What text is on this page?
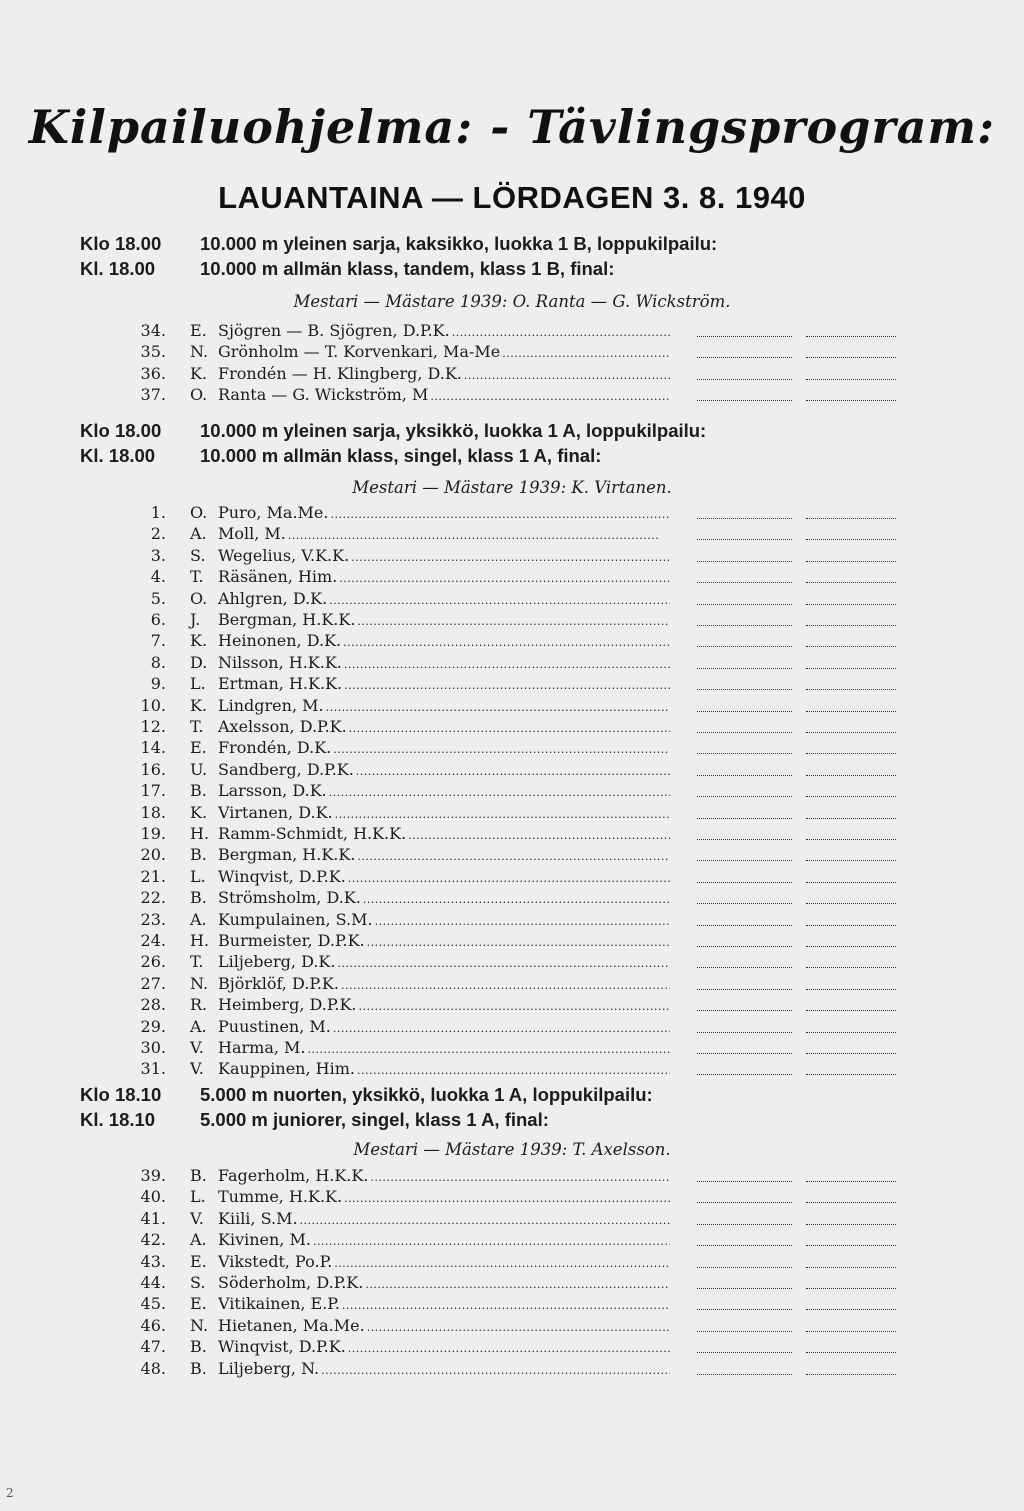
Kilpailuohjelma: - Tävlingsprogram:
LAUANTAINA — LÖRDAGEN 3. 8. 1940
Klo 18.00 10.000 m yleinen sarja, kaksikko, luokka 1 B, loppukilpailu:
Kl. 18.00 10.000 m allmän klass, tandem, klass 1 B, final:
Mestari — Mästare 1939: O. Ranta — G. Wickström.
34. E. Sjögren — B. Sjögren, D.P.K. . . .
35. N. Grönholm — T. Korvenkari, Ma-Me . . .
36. K. Frondén — H. Klingberg, D.K. . . .
37. O. Ranta — G. Wickström, M . . .
Klo 18.00 10.000 m yleinen sarja, yksikkö, luokka 1 A, loppukilpailu:
Kl. 18.00 10.000 m allmän klass, singel, klass 1 A, final:
Mestari — Mästare 1939: K. Virtanen.
1. O. Puro, Ma.Me. . . .
2. A. Moll, M. . . .
3. S. Wegelius, V.K.K. . . .
4. T. Räsänen, Him. . . .
5. O. Ahlgren, D.K. . . .
6. J. Bergman, H.K.K. . . .
7. K. Heinonen, D.K. . . .
8. D. Nilsson, H.K.K. . . .
9. L. Ertman, H.K.K. . . .
10. K. Lindgren, M. . . .
12. T. Axelsson, D.P.K. . . .
14. E. Frondén, D.K. . . .
16. U. Sandberg, D.P.K. . . .
17. B. Larsson, D.K. . . .
18. K. Virtanen, D.K. . . .
19. H. Ramm-Schmidt, H.K.K. . . .
20. B. Bergman, H.K.K. . . .
21. L. Winqvist, D.P.K. . . .
22. B. Strömsholm, D.K. . . .
23. A. Kumpulainen, S.M. . . .
24. H. Burmeister, D.P.K. . . .
26. T. Liljeberg, D.K. . . .
27. N. Björklöf, D.P.K. . . .
28. R. Heimberg, D.P.K. . . .
29. A. Puustinen, M. . . .
30. V. Harma, M. . . .
31. V. Kauppinen, Him. . . .
Klo 18.10 5.000 m nuorten, yksikkö, luokka 1 A, loppukilpailu:
Kl. 18.10 5.000 m juniorer, singel, klass 1 A, final:
Mestari — Mästare 1939: T. Axelsson.
39. B. Fagerholm, H.K.K. . . .
40. L. Tumme, H.K.K. . . .
41. V. Kiili, S.M. . . .
42. A. Kivinen, M. . . .
43. E. Vikstedt, Po.P. . . .
44. S. Söderholm, D.P.K. . . .
45. E. Vitikainen, E.P. . . .
46. N. Hietanen, Ma.Me. . . .
47. B. Winqvist, D.P.K. . . .
48. B. Liljeberg, N. . . .
2
